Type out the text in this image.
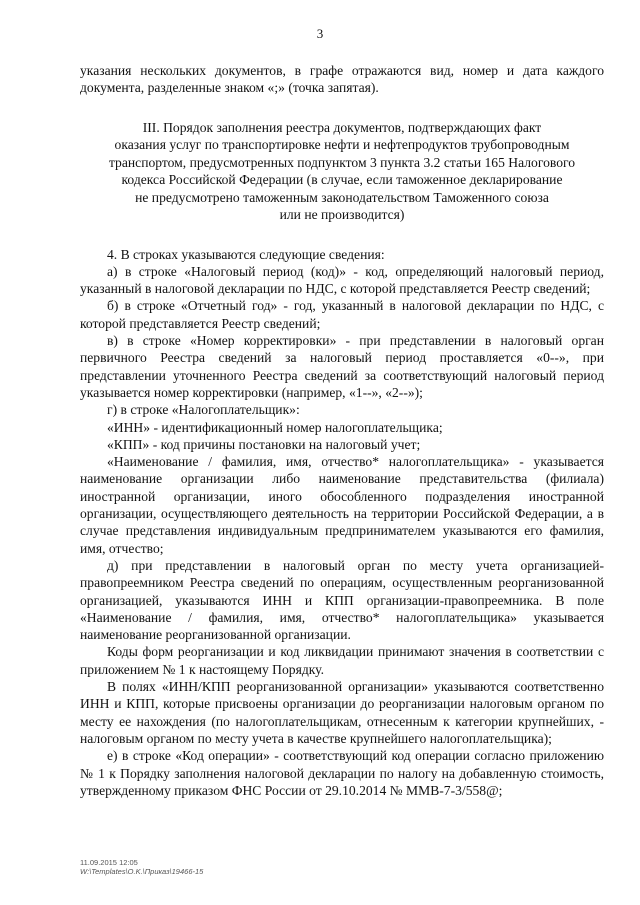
3

указания нескольких документов, в графе отражаются вид, номер и дата каждого документа, разделенные знаком «;» (точка запятая).

III. Порядок заполнения реестра документов, подтверждающих факт
оказания услуг по транспортировке нефти и нефтепродуктов трубопроводным
транспортом, предусмотренных подпунктом 3 пункта 3.2 статьи 165 Налогового
кодекса Российской Федерации (в случае, если таможенное декларирование
не предусмотрено таможенным законодательством Таможенного союза
или не производится)

4. В строках указываются следующие сведения:

а) в строке «Налоговый период (код)» - код, определяющий налоговый период, указанный в налоговой декларации по НДС, с которой представляется Реестр сведений;

б) в строке «Отчетный год» - год, указанный в налоговой декларации по НДС, с которой представляется Реестр сведений;

в) в строке «Номер корректировки» - при представлении в налоговый орган первичного Реестра сведений за налоговый период проставляется «0--», при представлении уточненного Реестра сведений за соответствующий налоговый период указывается номер корректировки (например, «1--», «2--»);

г) в строке «Налогоплательщик»:

«ИНН» - идентификационный номер налогоплательщика;

«КПП» - код причины постановки на налоговый учет;

«Наименование / фамилия, имя, отчество* налогоплательщика» - указывается наименование организации либо наименование представительства (филиала) иностранной организации, иного обособленного подразделения иностранной организации, осуществляющего деятельность на территории Российской Федерации, а в случае представления индивидуальным предпринимателем указываются его фамилия, имя, отчество;

д) при представлении в налоговый орган по месту учета организацией-правопреемником Реестра сведений по операциям, осуществленным реорганизованной организацией, указываются ИНН и КПП организации-правопреемника. В поле «Наименование / фамилия, имя, отчество* налогоплательщика» указывается наименование реорганизованной организации.

Коды форм реорганизации и код ликвидации принимают значения в соответствии с приложением № 1 к настоящему Порядку.

В полях «ИНН/КПП реорганизованной организации» указываются соответственно ИНН и КПП, которые присвоены организации до реорганизации налоговым органом по месту ее нахождения (по налогоплательщикам, отнесенным к категории крупнейших, - налоговым органом по месту учета в качестве крупнейшего налогоплательщика);

е) в строке «Код операции» - соответствующий код операции согласно приложению № 1 к Порядку заполнения налоговой декларации по налогу на добавленную стоимость, утвержденному приказом ФНС России от 29.10.2014 № ММВ-7-3/558@;

11.09.2015 12:05
W:\Templates\O.K.\Приказ\19466-15
